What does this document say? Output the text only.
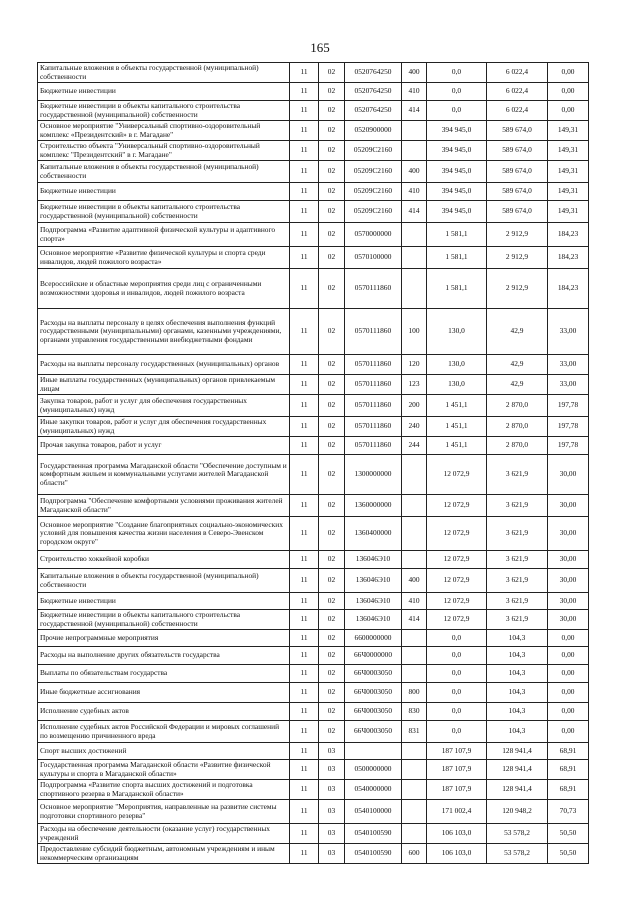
165
Капитальные вложения в объекты государственной (муниципальной) собственности	11	02	0520764250	400	0,0	6 022,4	0,00
Бюджетные инвестиции	11	02	0520764250	410	0,0	6 022,4	0,00
Бюджетные инвестиции в объекты капитального строительства государственной (муниципальной) собственности	11	02	0520764250	414	0,0	6 022,4	0,00
Основное мероприятие "Универсальный спортивно-оздоровительный комплекс «Президентский» в г. Магадане"	11	02	0520900000		394 945,0	589 674,0	149,31
Строительство объекта "Универсальный спортивно-оздоровительный комплекс "Президентский" в г. Магадане"	11	02	05209С2160		394 945,0	589 674,0	149,31
Капитальные вложения в объекты государственной (муниципальной) собственности	11	02	05209С2160	400	394 945,0	589 674,0	149,31
Бюджетные инвестиции	11	02	05209С2160	410	394 945,0	589 674,0	149,31
Бюджетные инвестиции в объекты капитального строительства государственной (муниципальной) собственности	11	02	05209С2160	414	394 945,0	589 674,0	149,31
Подпрограмма «Развитие адаптивной физической культуры и адаптивного спорта»	11	02	0570000000		1 581,1	2 912,9	184,23
Основное мероприятие «Развитие физической культуры и спорта среди инвалидов, людей пожилого возраста»	11	02	0570100000		1 581,1	2 912,9	184,23
Всероссийские и областные мероприятия среди лиц с ограниченными возможностями здоровья и инвалидов, людей пожилого возраста	11	02	0570111860		1 581,1	2 912,9	184,23
Расходы на выплаты персоналу в целях обеспечения выполнения функций государственными (муниципальными) органами, казенными учреждениями, органами управления государственными внебюджетными фондами	11	02	0570111860	100	130,0	42,9	33,00
Расходы на выплаты персоналу государственных (муниципальных) органов	11	02	0570111860	120	130,0	42,9	33,00
Иные выплаты государственных (муниципальных) органов привлекаемым лицам	11	02	0570111860	123	130,0	42,9	33,00
Закупка товаров, работ и услуг для обеспечения государственных (муниципальных) нужд	11	02	0570111860	200	1 451,1	2 870,0	197,78
Иные закупки товаров, работ и услуг для обеспечения государственных (муниципальных) нужд	11	02	0570111860	240	1 451,1	2 870,0	197,78
Прочая закупка товаров, работ и услуг	11	02	0570111860	244	1 451,1	2 870,0	197,78
Государственная программа Магаданской области "Обеспечение доступным и комфортным жильем и коммунальными услугами жителей Магаданской области"	11	02	1300000000		12 072,9	3 621,9	30,00
Подпрограмма "Обеспечение комфортными условиями проживания жителей Магаданской области"	11	02	1360000000		12 072,9	3 621,9	30,00
Основное мероприятие "Создание благоприятных социально-экономических условий для повышения качества жизни населения в Северо-Эвенском городском округе"	11	02	1360400000		12 072,9	3 621,9	30,00
Строительство хоккейной коробки	11	02	136046Э10		12 072,9	3 621,9	30,00
Капитальные вложения в объекты государственной (муниципальной) собственности	11	02	136046Э10	400	12 072,9	3 621,9	30,00
Бюджетные инвестиции	11	02	136046Э10	410	12 072,9	3 621,9	30,00
Бюджетные инвестиции в объекты капитального строительства государственной (муниципальной) собственности	11	02	136046Э10	414	12 072,9	3 621,9	30,00
Прочие непрограммные мероприятия	11	02	6600000000		0,0	104,3	0,00
Расходы на выполнение других обязательств государства	11	02	66Ч0000000		0,0	104,3	0,00
Выплаты по обязательствам государства	11	02	66Ч0003050		0,0	104,3	0,00
Иные бюджетные ассигнования	11	02	66Ч0003050	800	0,0	104,3	0,00
Исполнение судебных актов	11	02	66Ч0003050	830	0,0	104,3	0,00
Исполнение судебных актов Российской Федерации и мировых соглашений по возмещению причиненного вреда	11	02	66Ч0003050	831	0,0	104,3	0,00
Спорт высших достижений	11	03			187 107,9	128 941,4	68,91
Государственная программа Магаданской области «Развитие физической культуры и спорта в Магаданской области»	11	03	0500000000		187 107,9	128 941,4	68,91
Подпрограмма «Развитие спорта высших достижений и подготовка спортивного резерва в Магаданской области»	11	03	0540000000		187 107,9	128 941,4	68,91
Основное мероприятие "Мероприятия, направленные на развитие системы подготовки спортивного резерва"	11	03	0540100000		171 002,4	120 948,2	70,73
Расходы на обеспечение деятельности (оказание услуг) государственных учреждений	11	03	0540100590		106 103,0	53 578,2	50,50
Предоставление субсидий бюджетным, автономным учреждениям и иным некоммерческим организациям	11	03	0540100590	600	106 103,0	53 578,2	50,50
